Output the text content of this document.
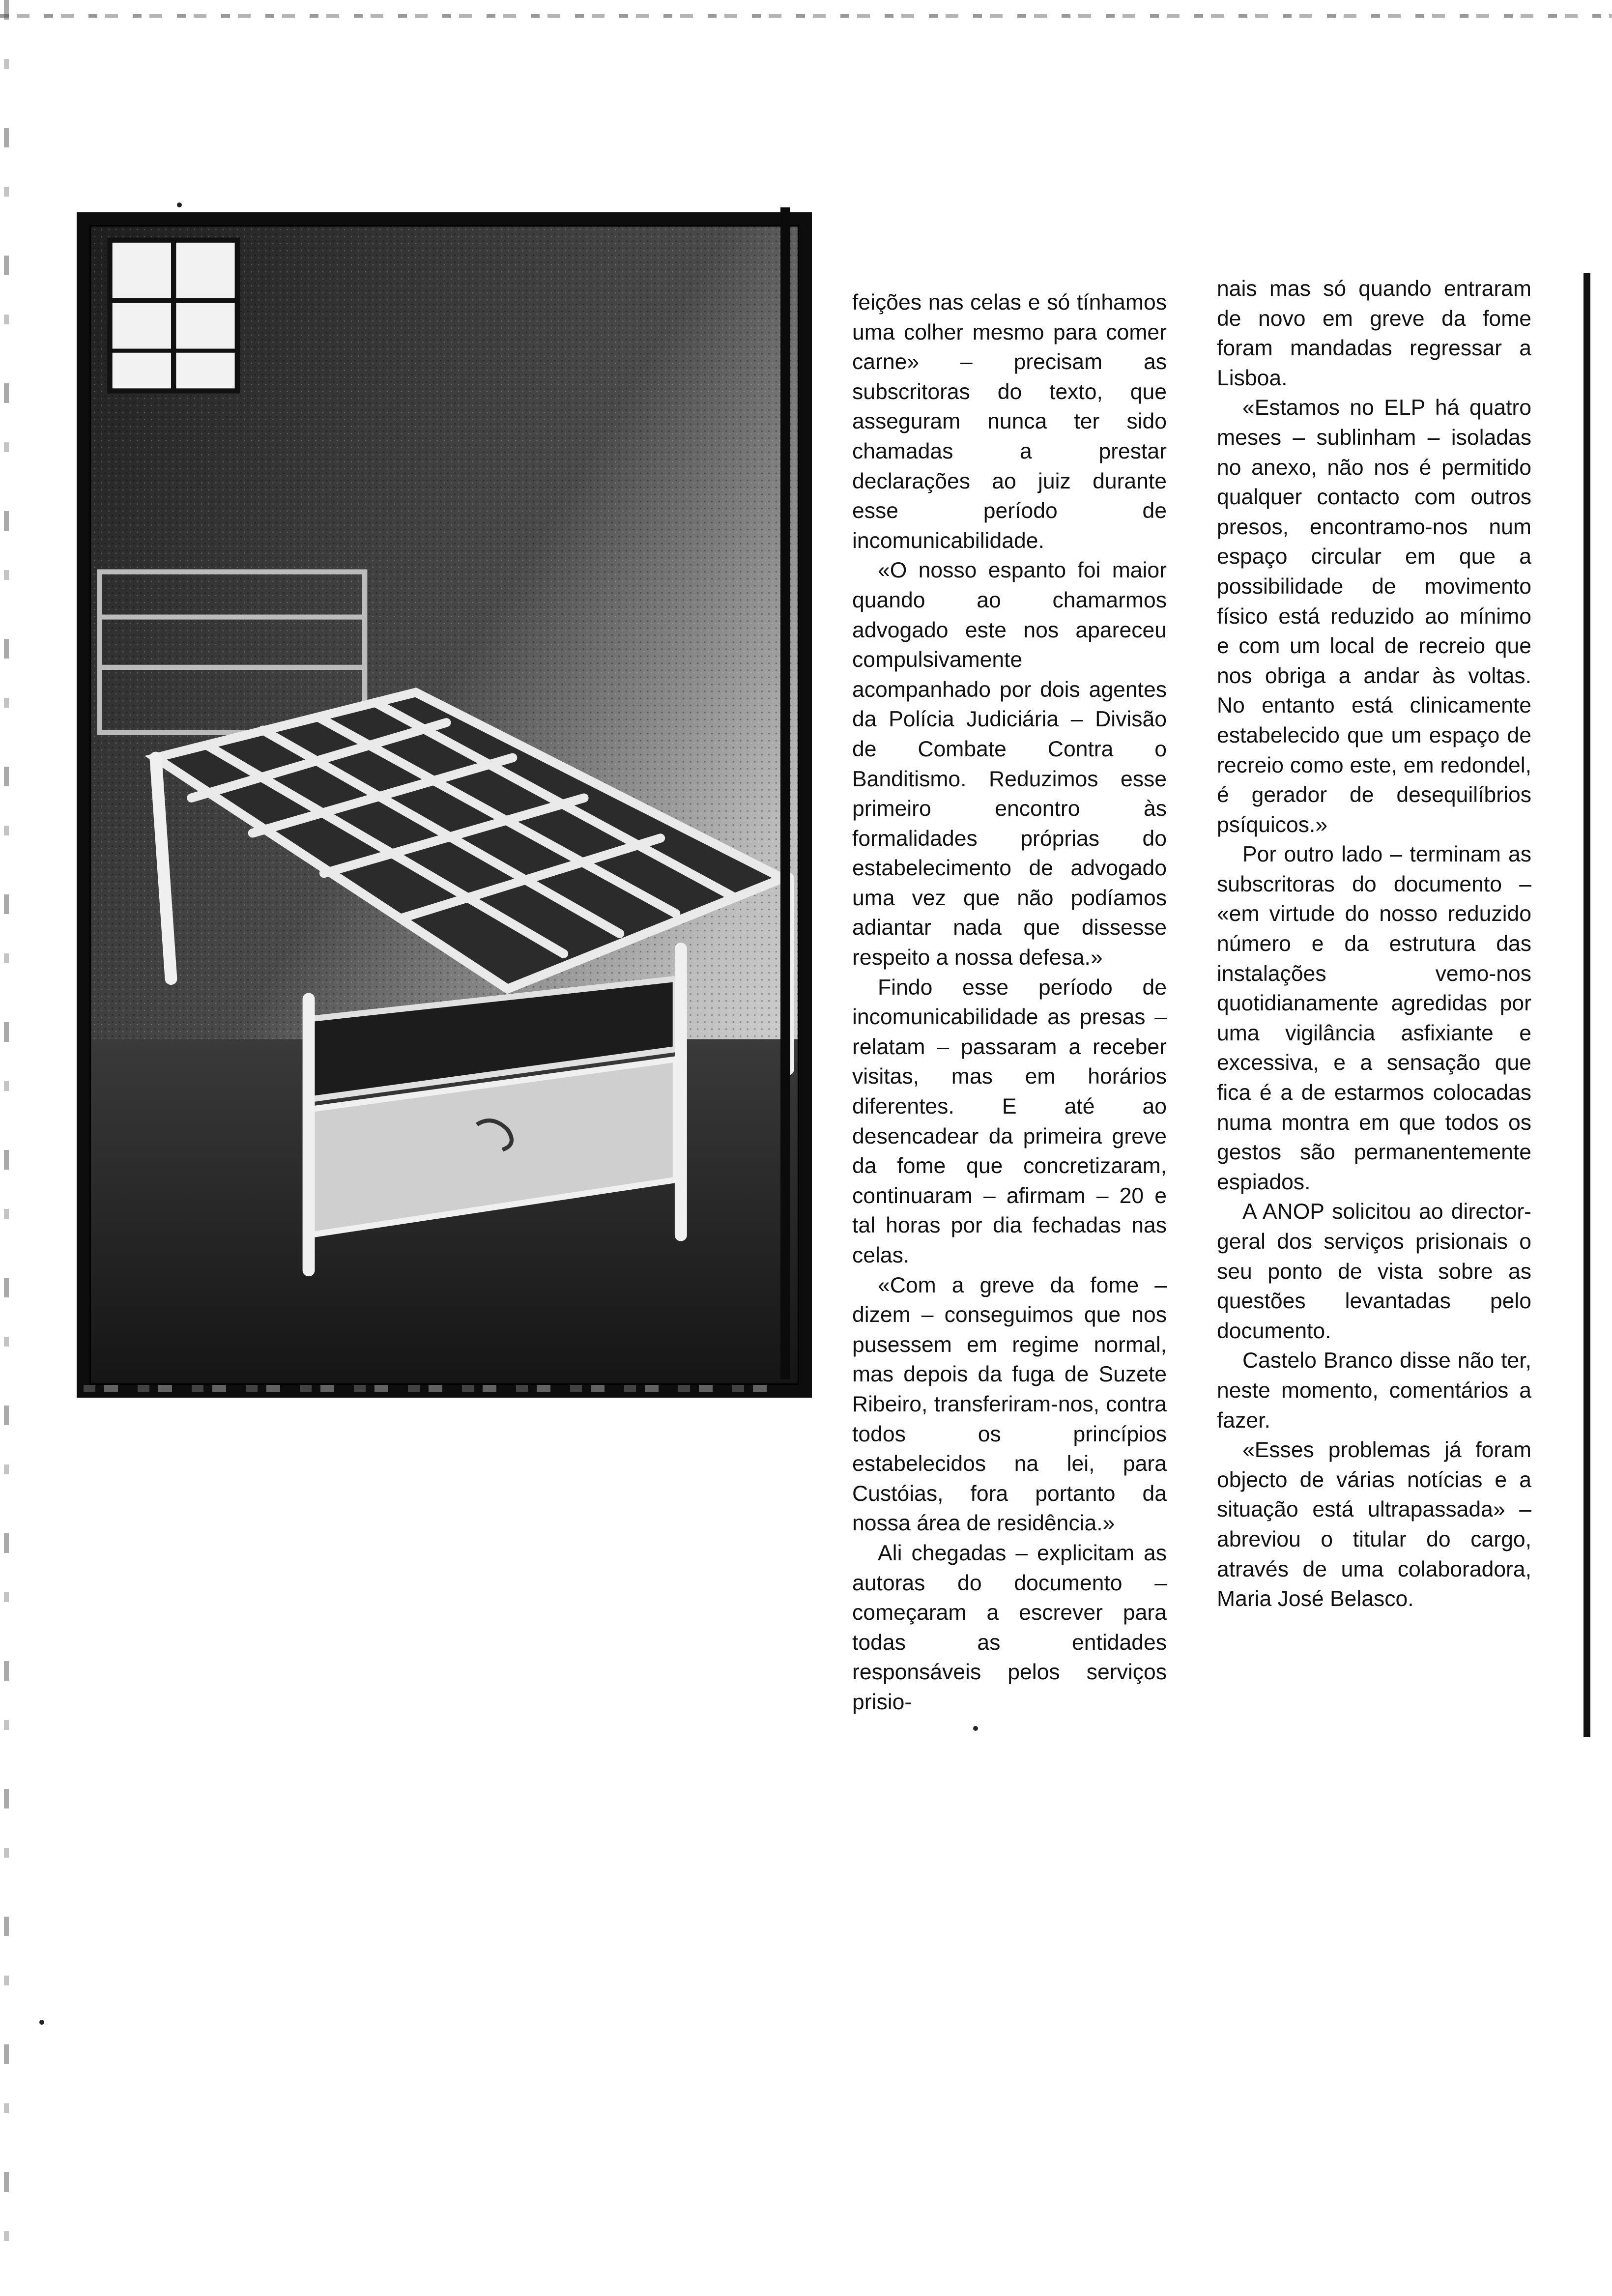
feições nas celas e só tínhamos uma colher mesmo para comer carne» – precisam as subscritoras do texto, que asseguram nunca ter sido chamadas a prestar declarações ao juiz durante esse período de incomunicabilidade.

«O nosso espanto foi maior quando ao chamarmos advogado este nos apareceu compulsivamente acompanhado por dois agentes da Polícia Judiciária – Divisão de Combate Contra o Banditismo. Reduzimos esse primeiro encontro às formalidades próprias do estabelecimento de advogado uma vez que não podíamos adiantar nada que dissesse respeito a nossa defesa.»

Findo esse período de incomunicabilidade as presas – relatam – passaram a receber visitas, mas em horários diferentes. E até ao desencadear da primeira greve da fome que concretizaram, continuaram – afirmam – 20 e tal horas por dia fechadas nas celas.

«Com a greve da fome – dizem – conseguimos que nos pusessem em regime normal, mas depois da fuga de Suzete Ribeiro, transferiram-nos, contra todos os princípios estabelecidos na lei, para Custóias, fora portanto da nossa área de residência.»

Ali chegadas – explicitam as autoras do documento – começaram a escrever para todas as entidades responsáveis pelos serviços prisio-

nais mas só quando entraram de novo em greve da fome foram mandadas regressar a Lisboa.

«Estamos no ELP há quatro meses – sublinham – isoladas no anexo, não nos é permitido qualquer contacto com outros presos, encontramo-nos num espaço circular em que a possibilidade de movimento físico está reduzido ao mínimo e com um local de recreio que nos obriga a andar às voltas. No entanto está clinicamente estabelecido que um espaço de recreio como este, em redondel, é gerador de desequilíbrios psíquicos.»

Por outro lado – terminam as subscritoras do documento – «em virtude do nosso reduzido número e da estrutura das instalações vemo-nos quotidianamente agredidas por uma vigilância asfixiante e excessiva, e a sensação que fica é a de estarmos colocadas numa montra em que todos os gestos são permanentemente espiados.

A ANOP solicitou ao director-geral dos serviços prisionais o seu ponto de vista sobre as questões levantadas pelo documento.

Castelo Branco disse não ter, neste momento, comentários a fazer.

«Esses problemas já foram objecto de várias notícias e a situação está ultrapassada» – abreviou o titular do cargo, através de uma colaboradora, Maria José Belasco.
